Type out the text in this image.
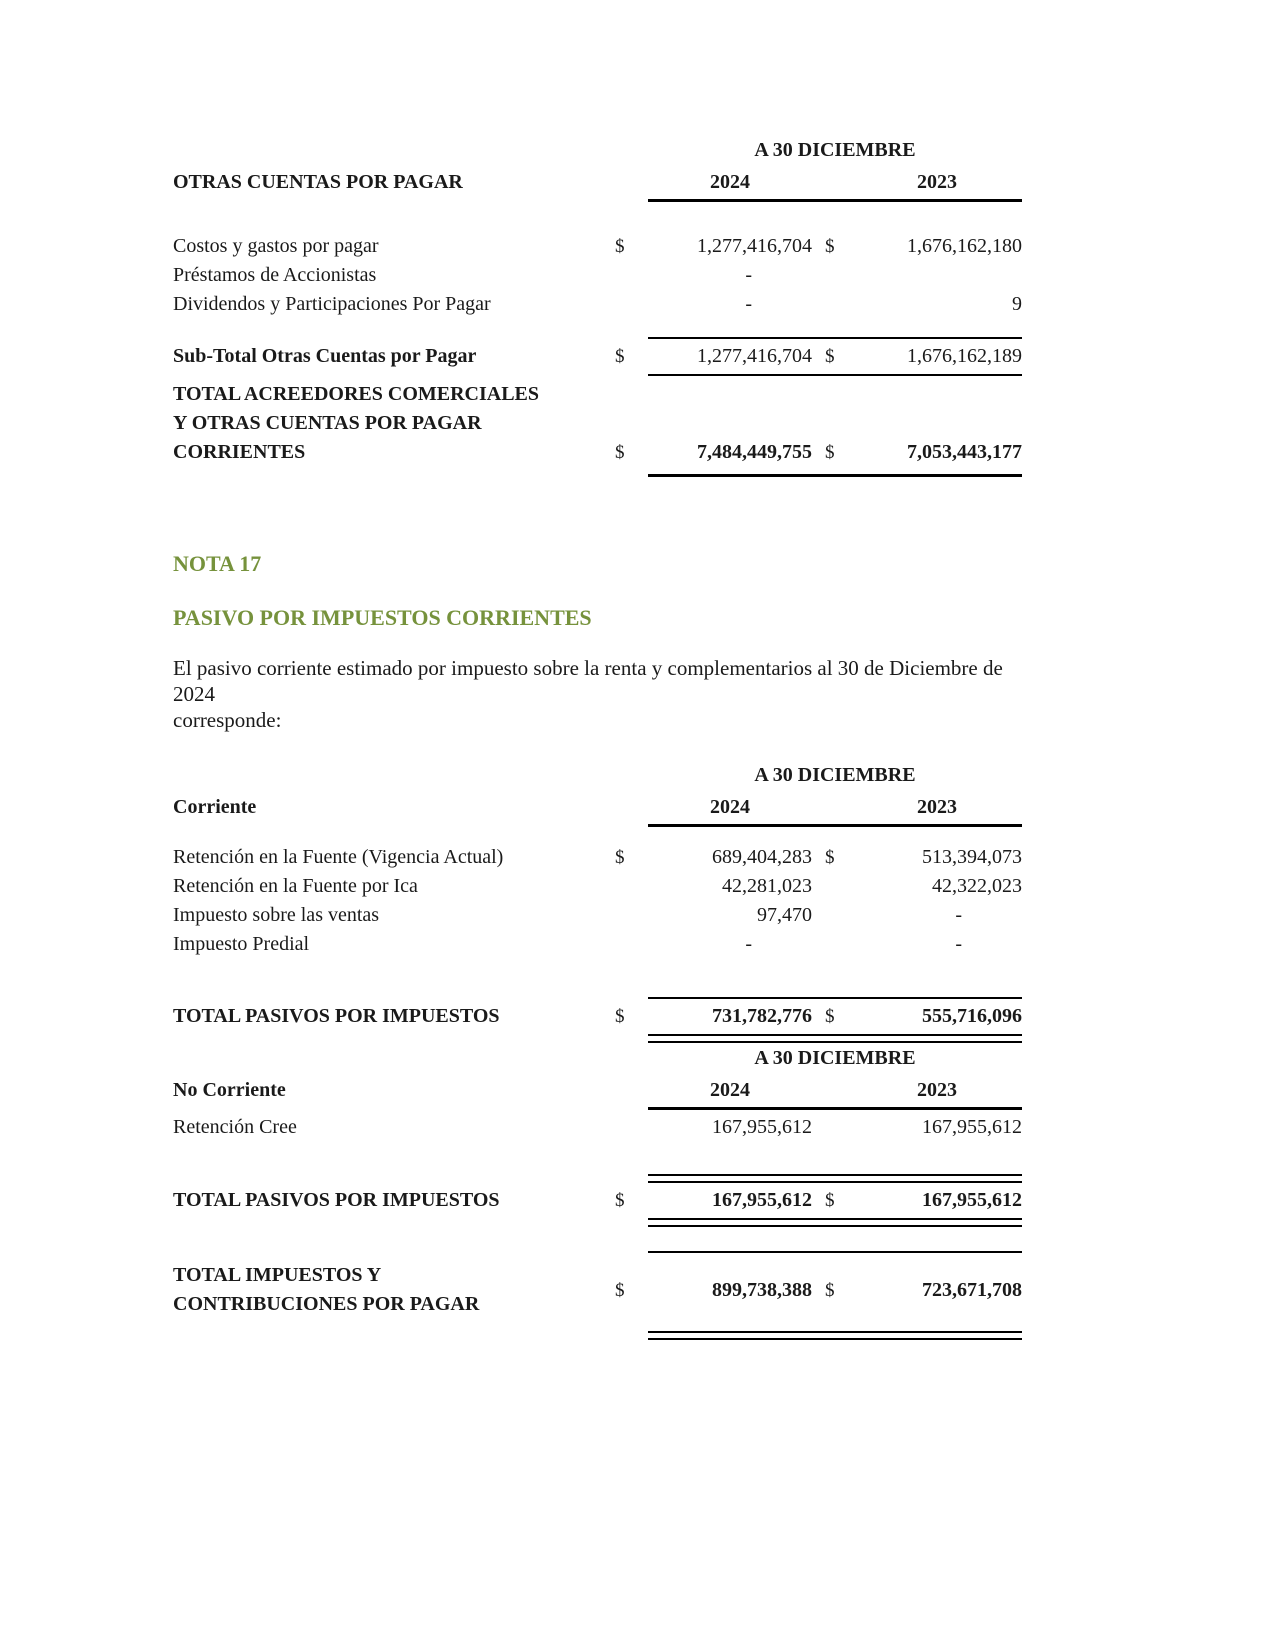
A 30 DICIEMBRE
OTRAS CUENTAS POR PAGAR	2024	2023
Costos y gastos por pagar	$	1,277,416,704 $	1,676,162,180
Préstamos de Accionistas	-
Dividendos y Participaciones Por Pagar	-	9
Sub-Total Otras Cuentas por Pagar	$	1,277,416,704 $	1,676,162,189
TOTAL ACREEDORES COMERCIALES
Y OTRAS CUENTAS POR PAGAR
CORRIENTES	$	7,484,449,755 $	7,053,443,177
NOTA 17
PASIVO POR IMPUESTOS CORRIENTES
El pasivo corriente estimado por impuesto sobre la renta y complementarios al 30 de Diciembre de
2024
corresponde:
A 30 DICIEMBRE
Corriente	2024	2023
Retención en la Fuente (Vigencia Actual)	$	689,404,283 $	513,394,073
Retención en la Fuente por Ica	42,281,023	42,322,023
Impuesto sobre las ventas	97,470	-
Impuesto Predial	-	-
TOTAL PASIVOS POR IMPUESTOS	$	731,782,776 $	555,716,096
A 30 DICIEMBRE
No Corriente	2024	2023
Retención Cree	167,955,612	167,955,612
TOTAL PASIVOS POR IMPUESTOS	$	167,955,612 $	167,955,612
TOTAL IMPUESTOS Y
CONTRIBUCIONES POR PAGAR
$	899,738,388 $	723,671,708
